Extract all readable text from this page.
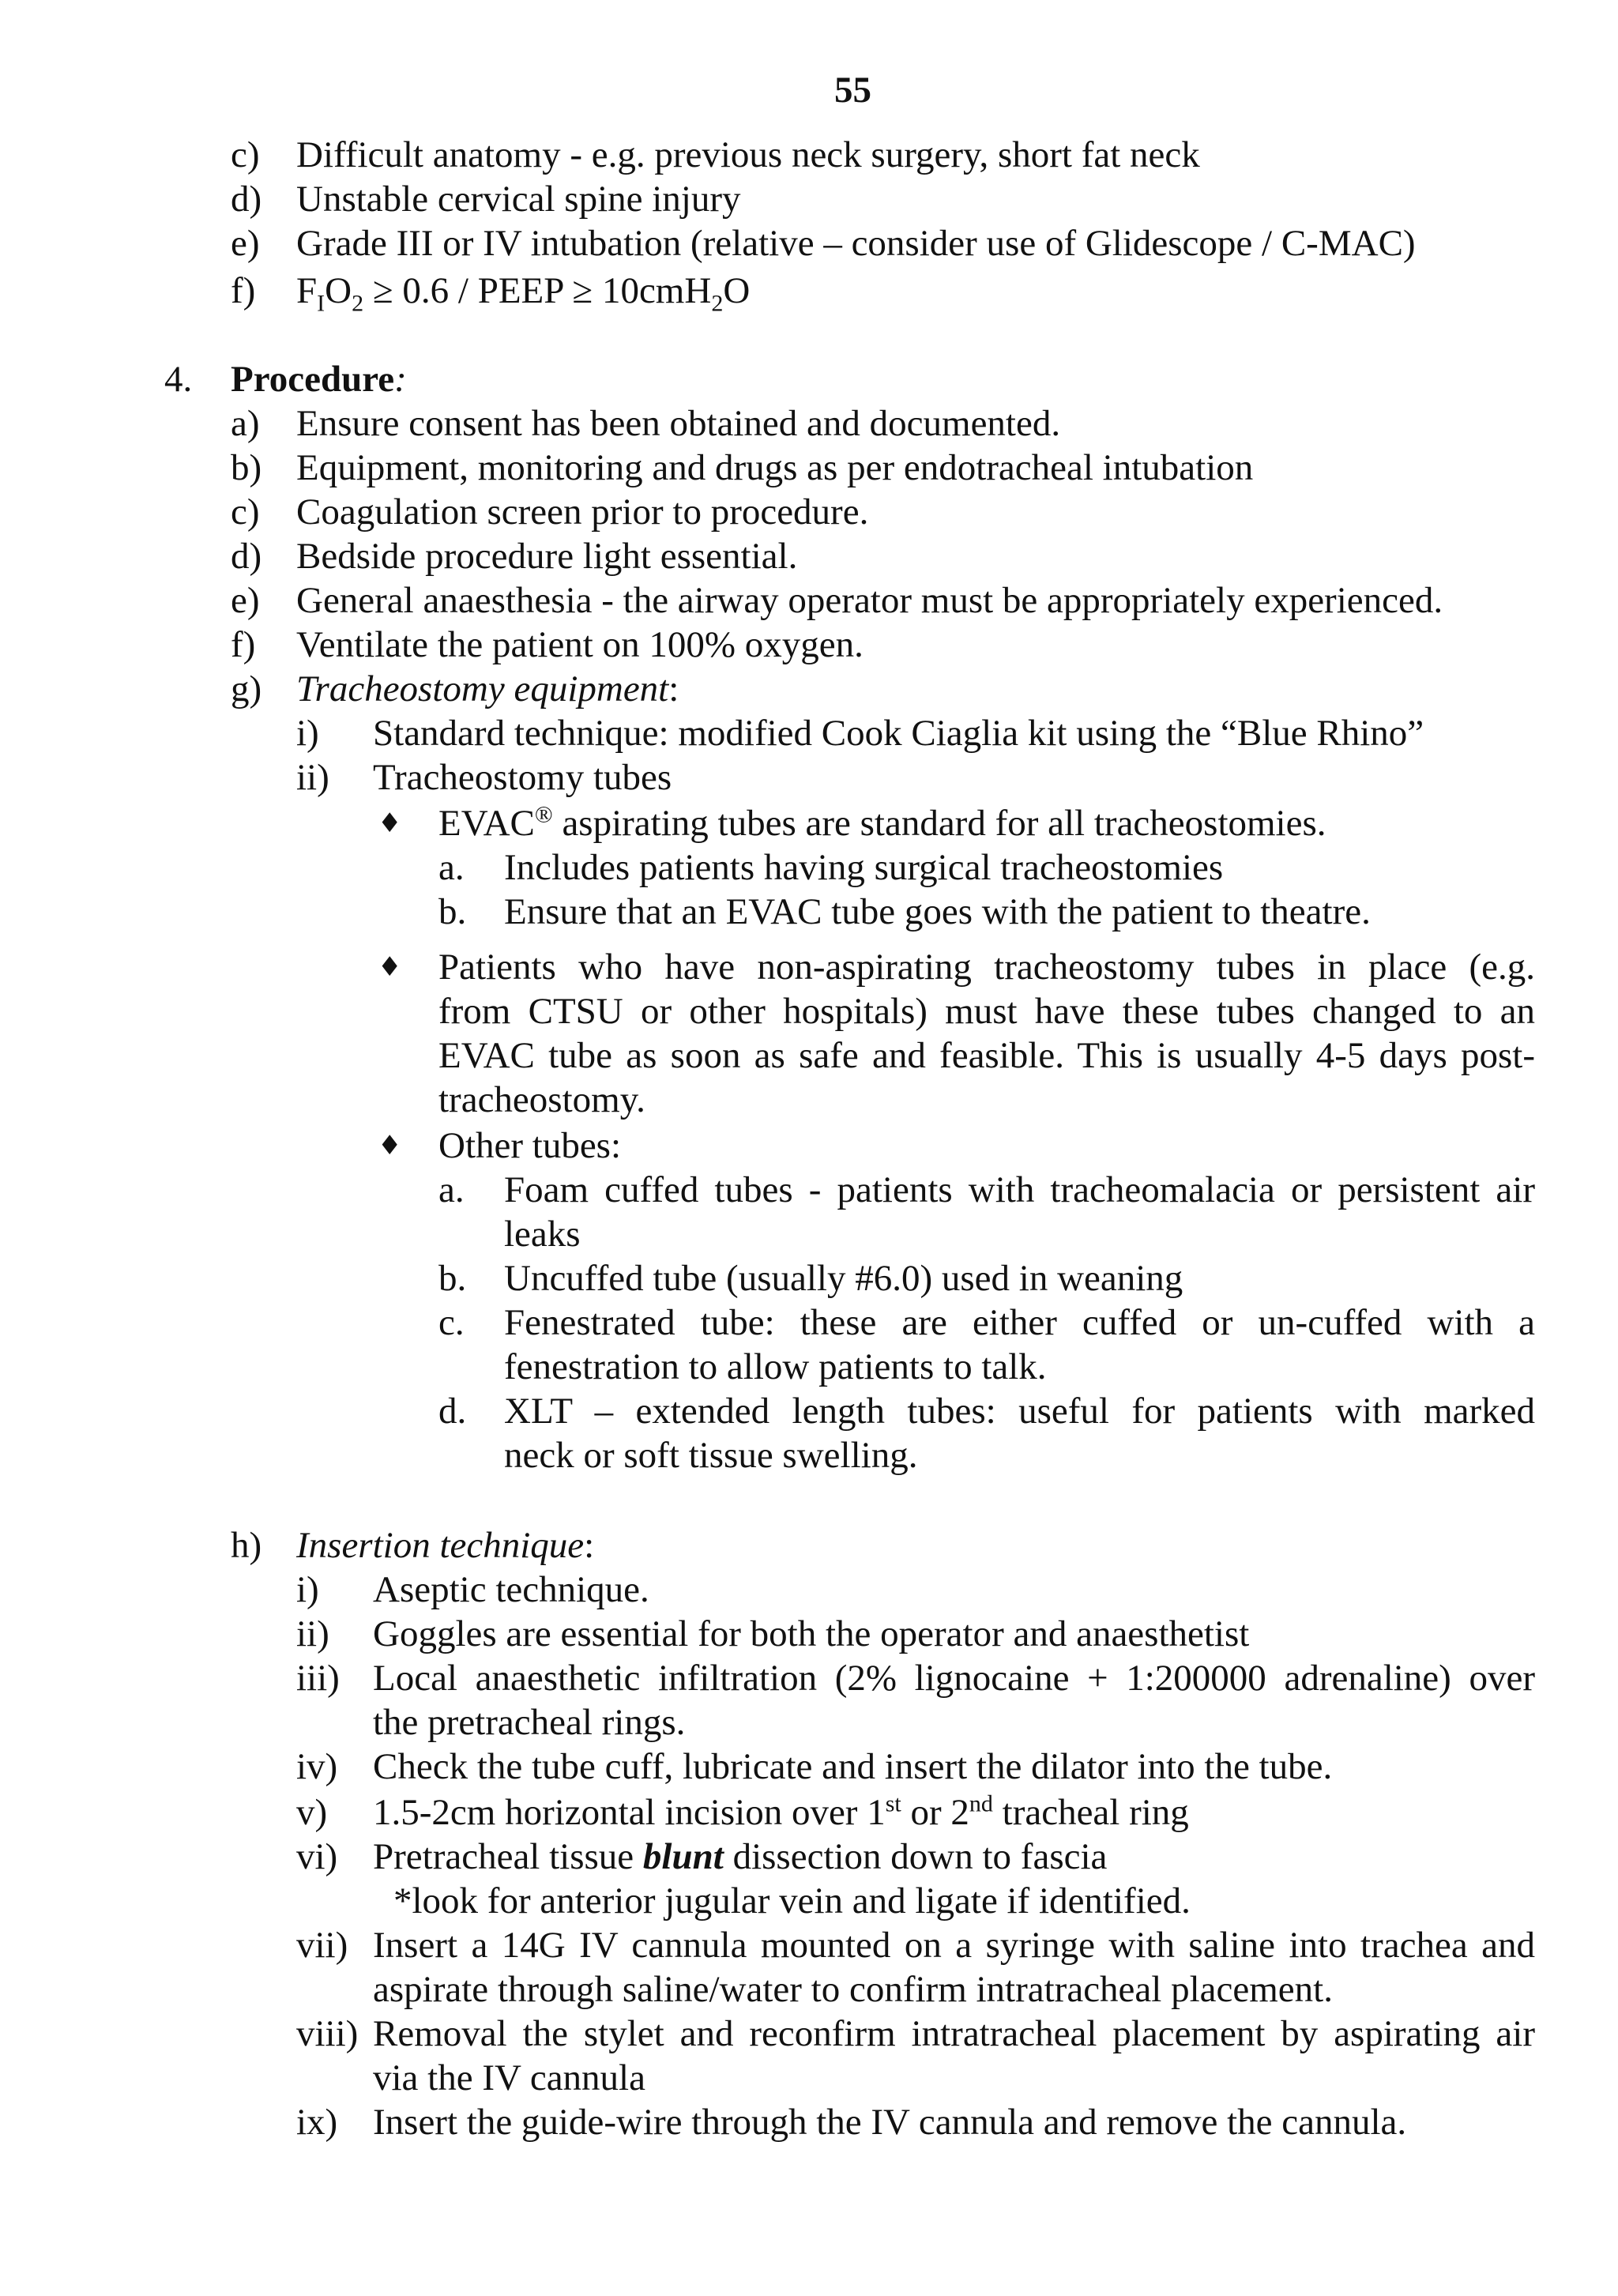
55
c) Difficult anatomy - e.g. previous neck surgery, short fat neck
d) Unstable cervical spine injury
e) Grade III or IV intubation (relative – consider use of Glidescope / C-MAC)
f) $F_IO_2 \ge 0.6$ / PEEP ≥ 10cmH$_2$O
4. Procedure:
a) Ensure consent has been obtained and documented.
b) Equipment, monitoring and drugs as per endotracheal intubation
c) Coagulation screen prior to procedure.
d) Bedside procedure light essential.
e) General anaesthesia - the airway operator must be appropriately experienced.
f) Ventilate the patient on 100% oxygen.
g) Tracheostomy equipment:
i) Standard technique: modified Cook Ciaglia kit using the “Blue Rhino”
ii) Tracheostomy tubes
♦ EVAC® aspirating tubes are standard for all tracheostomies.
a. Includes patients having surgical tracheostomies
b. Ensure that an EVAC tube goes with the patient to theatre.
♦ Patients who have non-aspirating tracheostomy tubes in place (e.g.
from CTSU or other hospitals) must have these tubes changed to an
EVAC tube as soon as safe and feasible. This is usually 4-5 days post-
tracheostomy.
♦ Other tubes:
a. Foam cuffed tubes - patients with tracheomalacia or persistent air
leaks
b. Uncuffed tube (usually #6.0) used in weaning
c. Fenestrated tube: these are either cuffed or un-cuffed with a
fenestration to allow patients to talk.
d. XLT – extended length tubes: useful for patients with marked
neck or soft tissue swelling.
h) Insertion technique:
i) Aseptic technique.
ii) Goggles are essential for both the operator and anaesthetist
iii) Local anaesthetic infiltration (2% lignocaine + 1:200000 adrenaline) over
the pretracheal rings.
iv) Check the tube cuff, lubricate and insert the dilator into the tube.
v) 1.5-2cm horizontal incision over 1st or 2nd tracheal ring
vi) Pretracheal tissue blunt dissection down to fascia
*look for anterior jugular vein and ligate if identified.
vii) Insert a 14G IV cannula mounted on a syringe with saline into trachea and
aspirate through saline/water to confirm intratracheal placement.
viii) Removal the stylet and reconfirm intratracheal placement by aspirating air
via the IV cannula
ix) Insert the guide-wire through the IV cannula and remove the cannula.
